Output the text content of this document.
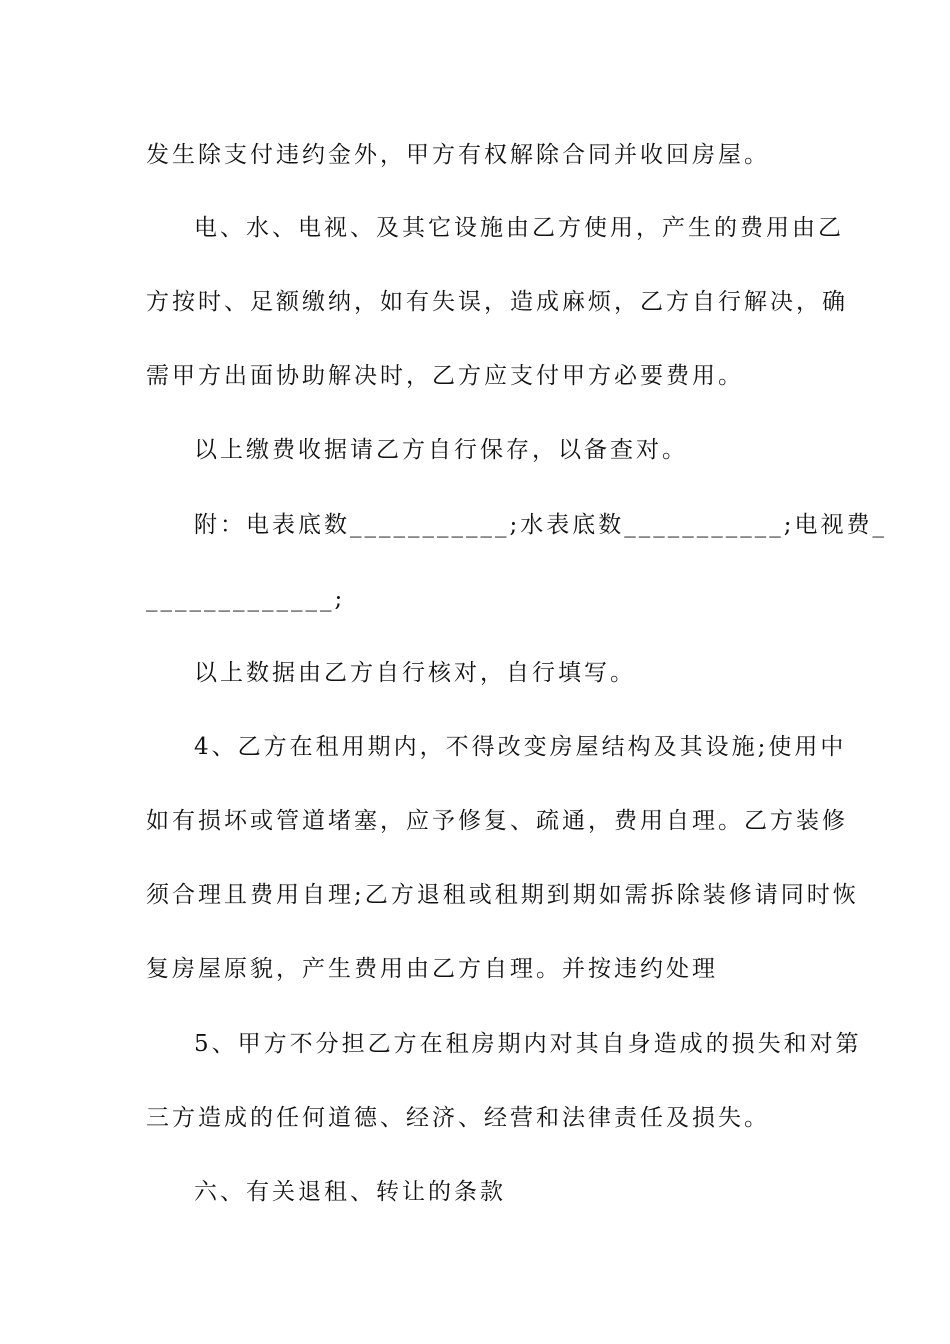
发生除支付违约金外，甲方有权解除合同并收回房屋。
电、水、电视、及其它设施由乙方使用，产生的费用由乙
方按时、足额缴纳，如有失误，造成麻烦，乙方自行解决，确
需甲方出面协助解决时，乙方应支付甲方必要费用。
以上缴费收据请乙方自行保存，以备查对。
附：电表底数___________;水表底数___________;电视费_
_____________;
以上数据由乙方自行核对，自行填写。
4、乙方在租用期内，不得改变房屋结构及其设施;使用中
如有损坏或管道堵塞，应予修复、疏通，费用自理。乙方装修
须合理且费用自理;乙方退租或租期到期如需拆除装修请同时恢
复房屋原貌，产生费用由乙方自理。并按违约处理
5、甲方不分担乙方在租房期内对其自身造成的损失和对第
三方造成的任何道德、经济、经营和法律责任及损失。
六、有关退租、转让的条款
